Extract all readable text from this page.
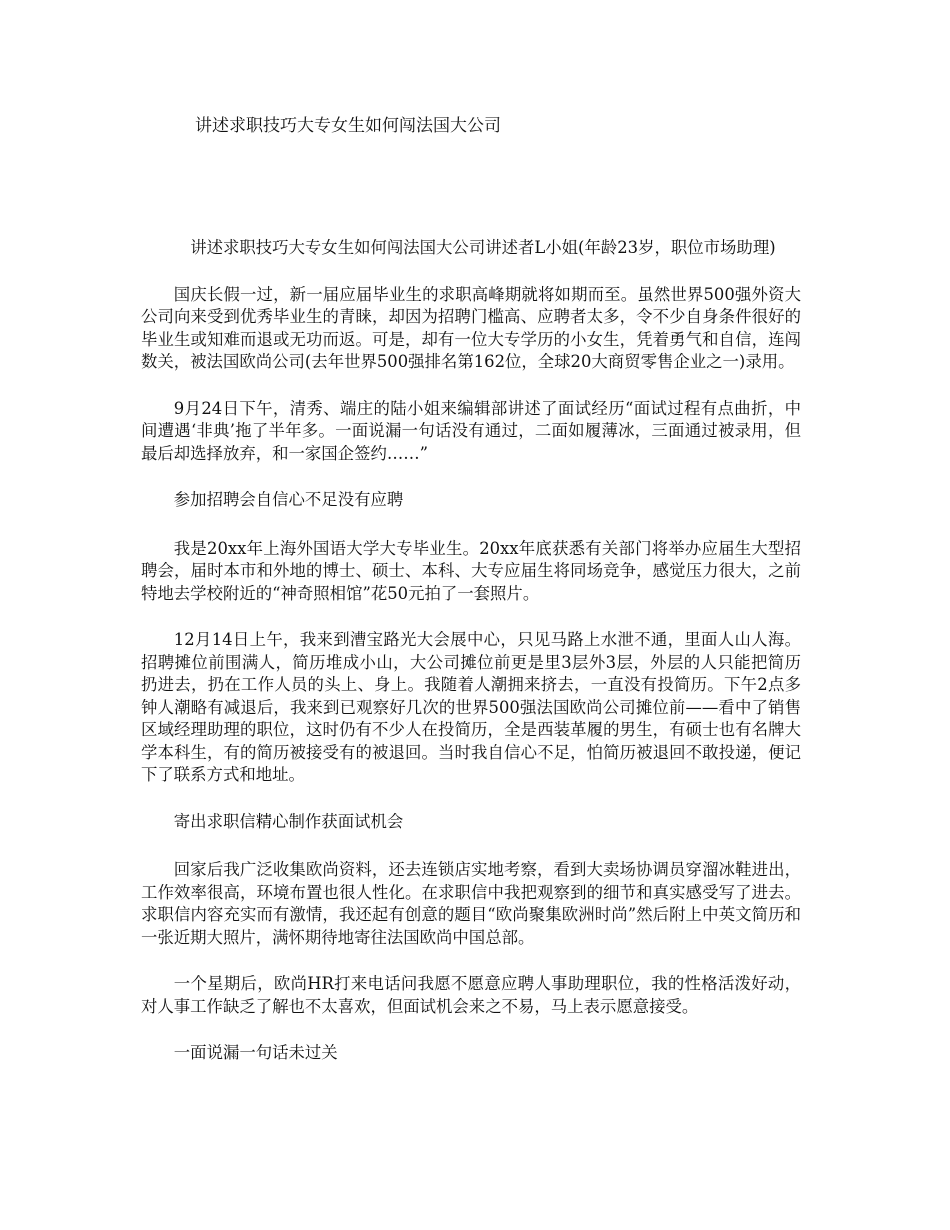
讲述求职技巧大专女生如何闯法国大公司

讲述求职技巧大专女生如何闯法国大公司讲述者L小姐(年龄23岁，职位市场助理)

国庆长假一过，新一届应届毕业生的求职高峰期就将如期而至。虽然世界500强外资大公司向来受到优秀毕业生的青睐，却因为招聘门槛高、应聘者太多，令不少自身条件很好的毕业生或知难而退或无功而返。可是，却有一位大专学历的小女生，凭着勇气和自信，连闯数关，被法国欧尚公司(去年世界500强排名第162位，全球20大商贸零售企业之一)录用。

9月24日下午，清秀、端庄的陆小姐来编辑部讲述了面试经历“面试过程有点曲折，中间遭遇‘非典’拖了半年多。一面说漏一句话没有通过，二面如履薄冰，三面通过被录用，但最后却选择放弃，和一家国企签约……”

参加招聘会自信心不足没有应聘

我是20xx年上海外国语大学大专毕业生。20xx年底获悉有关部门将举办应届生大型招聘会，届时本市和外地的博士、硕士、本科、大专应届生将同场竞争，感觉压力很大，之前特地去学校附近的“神奇照相馆”花50元拍了一套照片。

12月14日上午，我来到漕宝路光大会展中心，只见马路上水泄不通，里面人山人海。招聘摊位前围满人，简历堆成小山，大公司摊位前更是里3层外3层，外层的人只能把简历扔进去，扔在工作人员的头上、身上。我随着人潮拥来挤去，一直没有投简历。下午2点多钟人潮略有减退后，我来到已观察好几次的世界500强法国欧尚公司摊位前——看中了销售区域经理助理的职位，这时仍有不少人在投简历，全是西装革履的男生，有硕士也有名牌大学本科生，有的简历被接受有的被退回。当时我自信心不足，怕简历被退回不敢投递，便记下了联系方式和地址。

寄出求职信精心制作获面试机会

回家后我广泛收集欧尚资料，还去连锁店实地考察，看到大卖场协调员穿溜冰鞋进出，工作效率很高，环境布置也很人性化。在求职信中我把观察到的细节和真实感受写了进去。求职信内容充实而有激情，我还起有创意的题目“欧尚聚集欧洲时尚”然后附上中英文简历和一张近期大照片，满怀期待地寄往法国欧尚中国总部。

一个星期后，欧尚HR打来电话问我愿不愿意应聘人事助理职位，我的性格活泼好动，对人事工作缺乏了解也不太喜欢，但面试机会来之不易，马上表示愿意接受。

一面说漏一句话未过关
